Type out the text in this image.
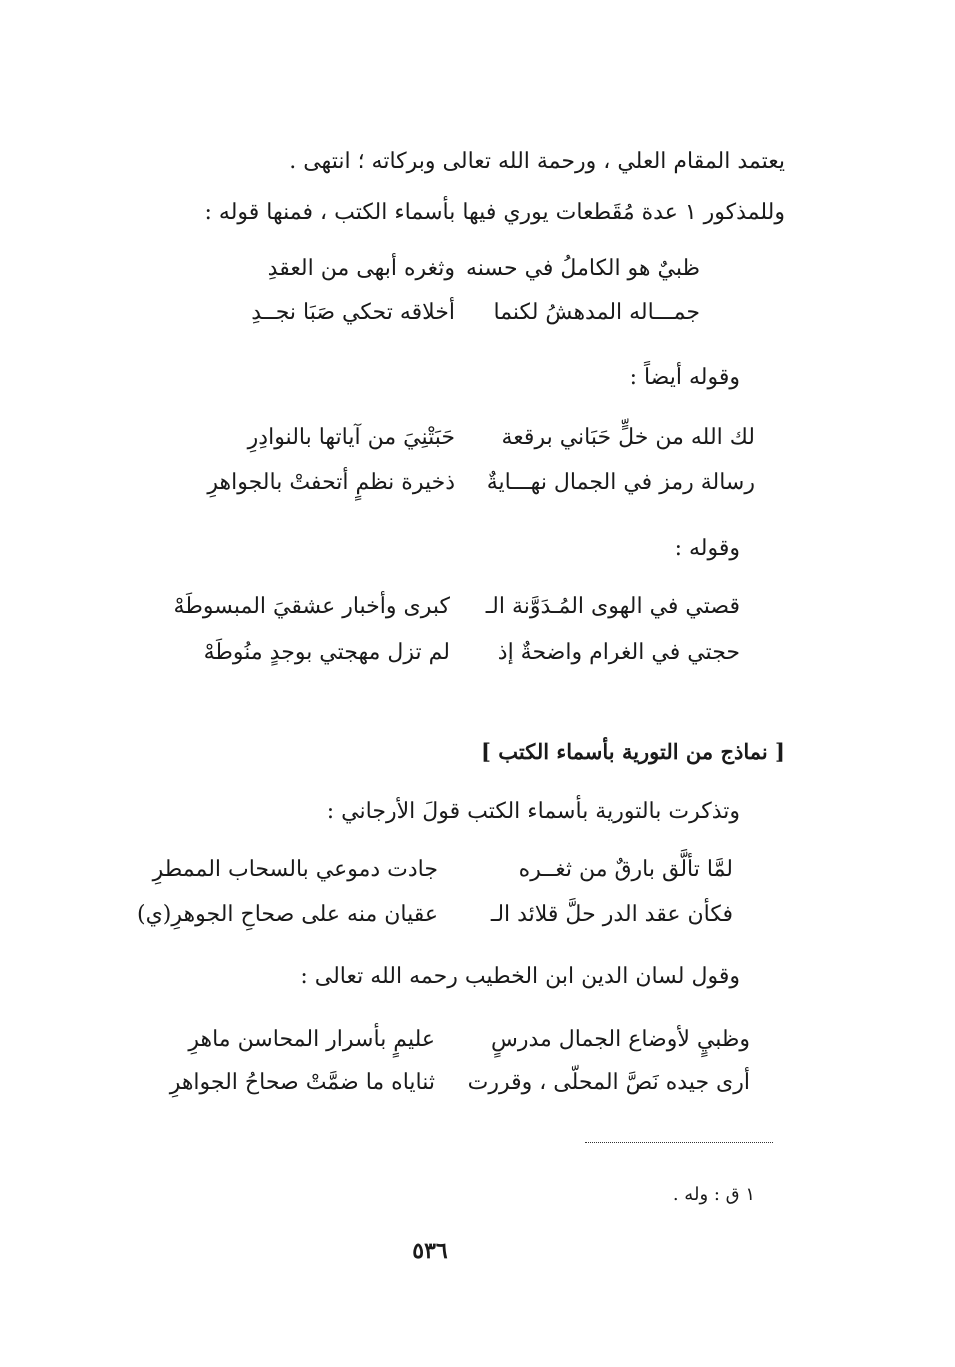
يعتمد المقام العلي ، ورحمة الله تعالى وبركاته ؛ انتهى .
وللمذكور ١ عدة مُقَطعات يوري فيها بأسماء الكتب ، فمنها قوله :
ظبيٌ هو الكاملُ في حسنه
وثغره أبهى من العقدِ
جمـــاله المدهشُ لكنما
أخلاقه تحكي صَبَا نجــدِ
وقوله أيضاً :
لك الله من خلٍّ حَبَاني برقعة
حَبَتْنِيَ من آياتها بالنوادِرِ
رسالة رمز في الجمال نهـــايةٌ
ذخيرة نظمٍ أتحفتْ بالجواهرِ
وقوله :
قصتي في الهوى المُـدَوَّنة الـ
كبرى وأخبار عشقيَ المبسوطَهْ
حجتي في الغرام واضحةٌ إذ
لم تزل مهجتي بوجدٍ منُوطَهْ
[ نماذج من التورية بأسماء الكتب ]
وتذكرت بالتورية بأسماء الكتب قولَ الأرجاني :
لمَّا تألَّق بارقٌ من ثغــره
جادت دموعي بالسحاب الممطرِ
فكأن عقد الدر حلَّ قلائد الـ
عقيان منه على صحاحِ الجوهرِ(ي)
وقول لسان الدين ابن الخطيب رحمه الله تعالى :
وظبيٍ لأوضاع الجمال مدرسٍ
عليمٍ بأسرار المحاسن ماهرِ
أرى جيده نَصَّ المحلّى ، وقررت
ثناياه ما ضمَّتْ صحاحُ الجواهرِ
١ ق : وله .
٥٣٦
